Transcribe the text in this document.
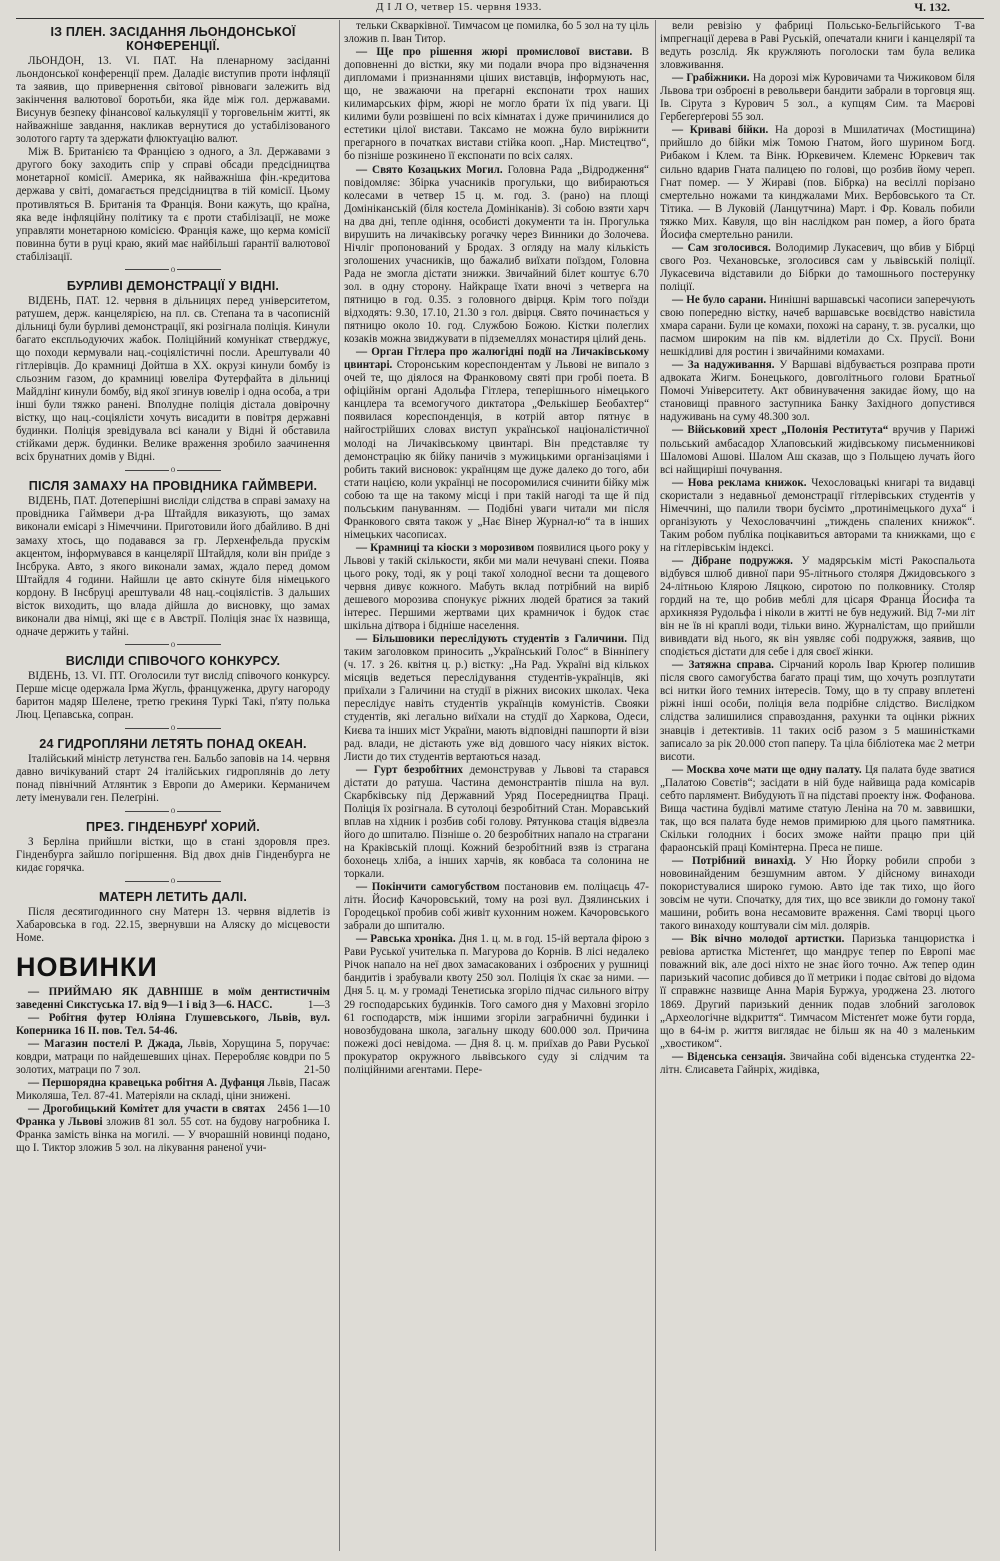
Д І Л О, четвер 15. червня 1933.	Ч. 132.
ІЗ ПЛЕН. ЗАСІДАННЯ ЛЬОНДОНСЬКОЇ КОНФЕРЕНЦІЇ.

ЛЬОНДОН, 13. VI. ПАТ. На пленарному засіданні льондонської конференції прем. Даладіє виступив проти інфляції та заявив, що привернення світової рівноваги залежить від закінчення валютової боротьби, яка йде між гол. державами. Висунув безпеку фінансової калькуляції у торговельнім житті, як найважніше завдання, накликав вернутися до устабілізованого золотого гарту та здержати флюктуацію валют.

Між В. Британією та Францією з одного, а Зл. Державами з другого боку заходить спір у справі обсади предсідництва монетарної комісії. Америка, як найважніша фін.-кредитова держава у світі, домагається предсідництва в тій комісії. Цьому противляться В. Британія та Франція. Вони кажуть, що країна, яка веде інфляційну політику та є проти стабілізації, не може управляти монетарною комісією. Франція каже, що керма комісії повинна бути в руці краю, який має найбільші ґарантії валютової стабілізації.

o
БУРЛИВІ ДЕМОНСТРАЦІЇ У ВІДНІ.

ВІДЕНЬ, ПАТ. 12. червня в дільницях перед університетом, ратушем, держ. канцелярією, на пл. св. Степана та в часописній дільниці були бурливі демонстрації, які розігнала поліція. Кинули багато експльодуючих жабок. Поліційний комунікат стверджує, що походи кермували нац.-соціялістичні посли. Арештували 40 гітлерівців. До крамниці Дойтша в XX. окрузі кинули бомбу із сльозним газом, до крамниці ювеліра Футерфайта в дільниці Майдлінґ кинули бомбу, від якої згинув ювелір і одна особа, а три інші були тяжко ранені. Вполудне поліція дістала довірочну вістку, що нац.-соціялісти хочуть висадити в повітря державні будинки. Поліція зревідувала всі канали у Відні й обставила стійками держ. будинки. Велике враження зробило заачинення всіх брунатних домів у Відні.

o
ПІСЛЯ ЗАМАХУ НА ПРОВІДНИКА ГАЙМВЕРИ.

ВІДЕНЬ, ПАТ. Дотеперішні висліди слідства в справі замаху на провідника Гаймвери д-ра Штайдля виказують, що замах виконали емісарі з Німеччини. Приготовили його дбайливо. В дні замаху хтось, що подавався за гр. Лерхенфельда прускім акцентом, інформувався в канцелярії Штайдля, коли він приїде з Інсбрука. Авто, з якого виконали замах, ждало перед домом Штайдля 4 години. Найшли це авто скінуте біля німецького кордону. В Інсбруці арештували 48 нац.-соціялістів. З дальших вісток виходить, що влада дійшла до висновку, що замах виконали два німці, які ще є в Австрії. Поліція знає їх назвища, одначе держить у тайні.

o
ВИСЛІДИ СПІВОЧОГО КОНКУРСУ.

ВІДЕНЬ, 13. VI. ПТ. Оголосили тут вислід співочого конкурсу. Перше місце одержала Ірма Жугль, француженка, другу нагороду баритон мадяр Шелене, третю грекиня Туркі Такі, п'яту полька Люц. Цепавська, сопран.

o
24 ГИДРОПЛЯНИ ЛЕТЯТЬ ПОНАД ОКЕАН.

Італійський міністр летунства ген. Бальбо заповів на 14. червня давно вичікуваний старт 24 італійських гидроплянів до лету понад північний Атлянтик з Европи до Америки. Керманичем лету іменували ген. Пелеґріні.

o
ПРЕЗ. ГІНДЕНБУРҐ ХОРИЙ.

З Берліна прийшли вістки, що в стані здоровля през. Гінденбурга зайшло погіршення. Від двох днів Гінденбурга не кидає горячка.

o
МАТЕРН ЛЕТИТЬ ДАЛІ.

Після десятигодинного сну Матерн 13. червня відлетів із Хабаровська в год. 22.15, звернувши на Аляску до місцевости Номе.

НОВИНКИ

— ПРИЙМАЮ ЯК ДАВНІШЕ в моїм дентистичнім заведенні Сикстуська 17. від 9—1 і від 3—6. НАСС.	1—3

— Робітня футер Юліяна Глушевського, Львів, вул. Коперника 16 II. пов. Тел. 54-46.

— Магазин постелі Р. Джада, Львів, Хорущина 5, поручає: ковдри, матраци по найдешевших цінах. Переробляє ковдри по 5 золотих, матраци по 7 зол.	21-50

— Першорядна кравецька робітня А. Дуфанця Львів, Пасаж Миколяша, Тел. 87-41. Матеріяли на складі, ціни знижені.
2456 1—10

— Дрогобицький Комітет для участи в святах Франка у Львові зложив 81 зол. 55 сот. на будову нагробника І. Франка замість вінка на могилі. — У вчорашній новинці подано, що І. Тиктор зложив 5 зол. на лікування раненої учи-

тельки Скварківної. Тимчасом це помилка, бо 5 зол на ту ціль зложив п. Іван Титор.

— Ще про рішення жюрі промислової вистави. В доповненні до вістки, яку ми подали вчора про відзначення дипломами і признаннями ціших виставців, інформують нас, що, не зважаючи на прегарні експонати трох наших килимарських фірм, жюрі не могло брати їх під уваги. Ці килими були розвішені по всіх кімнатах і дуже причинилися до естетики цілої вистави. Таксамо не можна було виріжнити прегарного в початках вистави стійка кооп. „Нар. Мистецтво“, бо пізніше розкинено її експонати по всіх салях.

— Свято Козацьких Могил. Головна Рада „Відродження“ повідомляє: Збірка учасників прогульки, що вибираються колесами в четвер 15 ц. м. год. 3. (рано) на площі Домініканській (біля костела Домініканів). Зі собою взяти харч на два дні, тепле одіння, особисті документи та ін. Прогулька вирушить на личаківську рогачку через Винники до Золочева. Нічліг пропонований у Бродах. З огляду на малу кількість зголошених учасників, що бажалиб виїхати поїздом, Головна Рада не змогла дістати знижки. Звичайний білет коштує 6.70 зол. в одну сторону. Найкраще їхати вночі з четверга на пятницю в год. 0.35. з головного двірця. Крім того поїзди відходять: 9.30, 17.10, 21.30 з гол. двірця. Свято починається у пятницю около 10. год. Службою Божою. Кістки полеглих козаків можна звиджувати в підземеллях монастиря цілий день.

— Орган Гітлера про жалюгідні події на Личаківському цвинтарі. Сторонським кореспондентам у Львові не випало з очей те, що діялося на Франковому святі при гробі поета. В офіційнім органі Адольфа Гітлера, теперішнього німецького канцлера та всемогучого диктатора „Фелькішер Беобахтер“ появилася кореспонденція, в котрій автор пятнує в найгострійших словах виступ української націоналістичної молоді на Личаківському цвинтарі. Він представляє ту демонстрацію як бійку паничів з мужицькими організаціями і робить такий висновок: українцям ще дуже далеко до того, аби стати нацією, коли українці не посоромилися счинити бійку між собою та ще на такому місці і при такій нагоді та ще й під польським пануванням. — Подібні уваги читали ми після Франкового свята також у „Нає Вінер Журнал-ю“ та в інших німецьких часописах.

— Крамниці та кіоски з морозивом появилися цього року у Львові у такій скількости, якби ми мали нечувані спеки. Поява цього року, тоді, як у році такої холодної весни та дощевого червня дивує кожного. Мабуть вклад потрібний на виріб дешевого морозива спонукує ріжних людей братися за такий інтерес. Першими жертвами цих крамничок і будок стає шкільна дітвора і бідніше населення.

— Більшовики переслідують студентів з Галичини. Під таким заголовком приносить „Український Голос“ в Вінніпегу (ч. 17. з 26. квітня ц. р.) вістку: „На Рад. Україні від кількох місяців ведеться переслідування студентів-українців, які приїхали з Галичини на студії в ріжних високих школах. Чека переслідує навіть студентів українців комуністів. Свояки студентів, які легально виїхали на студії до Харкова, Одеси, Києва та інших міст України, мають відповідні пашпорти й візи рад. влади, не дістають уже від довшого часу ніяких вісток. Листи до тих студентів вертаються назад.

— Гурт безробітних демонстрував у Львові та старався дістати до ратуша. Частина демонстрантів пішла на вул. Скарбківську під Державний Уряд Посередництва Праці. Поліція їх розігнала. В сутолоці безробітний Стан. Моравський вплав на хідник і розбив собі голову. Рятункова стація відвезла його до шпиталю. Пізніше о. 20 безробітних напало на страгани на Краківській площі. Кожний безробітний взяв із страгана бохонець хліба, а інших харчів, як ковбаса та солонина не торкали.

— Покінчити самогубством постановив ем. поліцаєць 47-літн. Йосиф Качоровський, тому на розі вул. Дзялинських і Городецької пробив собі живіт кухонним ножем. Качоровського забрали до шпиталю.

— Равська хроніка. Дня 1. ц. м. в год. 15-ій вертала фірою з Рави Руської учителька п. Магурова до Корнів. В лісі недалеко Річок напало на неї двох замасакованих і озброєних у рушниці бандитів і зрабували квоту 250 зол. Поліція їх скає за ними. — Дня 5. ц. м. у громаді Тенетиська згоріло підчас сильного вітру 29 господарських будинків. Того самого дня у Маховні згоріло 61 господарств, між іншими згоріли заграбничні будинки і новозбудована школа, загальну шкоду 600.000 зол. Причина пожежі досі невідома. — Дня 8. ц. м. приїхав до Рави Руської прокуратор окружного львівського суду зі слідчим та поліційними агентами. Пере-

вели ревізію у фабриці Польсько-Бельгійського Т-ва імпрегнації дерева в Раві Руській, опечатали книги і канцелярії та ведуть розслід. Як кружляють поголоски там була велика зловживання.

— Грабіжники. На дорозі між Куровичами та Чижиковом біля Львова три озброєні в револьвери бандити забрали в торговця ящ. Ів. Сірута з Курович 5 зол., а купцям Сим. та Маєрові Гербеґерґерові 55 зол.

— Криваві бійки. На дорозі в Мшилатичах (Мостищина) прийшло до бійки між Томою Гнатом, його шурином Богд. Рибаком і Клем. та Вінк. Юркевичем. Клеменс Юркевич так сильно вдарив Гната палицею по голові, що розбив йому череп. Гнат помер. — У Жираві (пов. Бібрка) на весіллі порізано смертельно ножами та кинджалами Мих. Вербовського та Ст. Тітика. — В Луковій (Ланцутчина) Март. і Фр. Коваль побили тяжко Мих. Кавуля, що він наслідком ран помер, а його брата Йосифа смертельно ранили.

— Сам зголосився. Володимир Лукасевич, що вбив у Бібрці свого Роз. Чехановське, зголосився сам у львівській поліції. Лукасевича відставили до Бібрки до тамошнього постерунку поліції.

— Не було сарани. Нинішні варшавські часописи заперечують свою попередню вістку, начеб варшавське воєвідство навістила хмара сарани. Були це комахи, похожі на сарану, т. зв. русалки, що пасмом широким на пів км. відлетіли до Сх. Прусії. Вони нешкідливі для ростин і звичайними комахами.

— За надуживання. У Варшаві відбувається розправа проти адвоката Жигм. Бонецького, довголітнього голови Братньої Помочі Університету. Акт обвинувачення закидає йому, що на становищі правного заступника Банку Західного допустився надуживань на суму 48.300 зол.

— Військовий хрест „Полонія Реститута“ вручив у Парижі польський амбасадор Хлаповський жидівському письменникові Шаломові Ашові. Шалом Аш сказав, що з Польщею лучать його всі найщиріші почування.

— Нова реклама книжок. Чехословацькі книгарі та видавці скористали з недавньої демонстрації гітлерівських студентів у Німеччині, що палили твори бусімто „протинімецького духа“ і організують у Чехословаччині „тиждень спалених книжок“. Таким робом публіка поцікавиться авторами та книжками, що є на гітлерівськім індексі.

— Дібране подружжя. У мадярськім місті Ракоспальота відбувся шлюб дивної пари 95-літнього столяря Джидовського з 24-літньою Клярою Ляцкою, сиротою по полковнику. Столяр гордий на те, що робив меблі для цісаря Франца Йосифа та архикнязя Рудольфа і ніколи в житті не був недужий. Від 7-ми літ він не їв ні краплі води, тільки вино. Журналістам, що прийшли вививдати від нього, як він уявляє собі подружжя, заявив, що сподіється дістати для себе і для своєї жінки.

— Затяжна справа. Сірчаний король Івар Крюґер полишив після свого самогубства багато праці тим, що хочуть розплутати всі нитки його темних інтересів. Тому, що в ту справу вплетені ріжні інші особи, поліція вела подрібне слідство. Вислідком слідства залишилися справоздання, рахунки та оцінки ріжних знавців і детективів. 11 таких осіб разом з 5 машиністками записало за рік 20.000 стоп паперу. Та ціла бібліотека має 2 метри висоти.

— Москва хоче мати ще одну палату. Ця палата буде зватися „Палатою Совєтів“; засідати в ній буде найвища рада комісарів себто парлямент. Вибудують її на підставі проекту інж. Фофанова. Вища частина будівлі матиме статую Леніна на 70 м. заввишки, так, що вся палата буде немов примирюю для цього памятника. Скільки голодних і босих зможе найти працю при цій фараонській праці Комінтерна. Преса не пише.

— Потрібний винахід. У Ню Йорку робили спроби з нововинайденим безшумним автом. У дійсному винаходи покористувалися широко гумою. Авто іде так тихо, що його зовсім не чути. Спочатку, для тих, що все звикли до гомону такої машини, робить вона несамовите враження. Самі творці цього такого винаходу коштували сім міл. долярів.

— Вік вічно молодої артистки. Паризька танцюристка і ревіова артистка Містенґет, що мандрує тепер по Европі має поважний вік, але досі ніхто не знає його точно. Аж тепер один паризький часопис добився до її метрики і подає світові до відома її справжнє назвище Анна Марія Буржуа, уроджена 23. лютого 1869. Другий паризький денник подав злобний заголовок „Археологічне відкриття“. Тимчасом Містенґет може бути горда, що в 64-ім р. життя виглядає не більш як на 40 з маленьким „хвостиком“.

— Віденська сензація. Звичайна собі віденська студентка 22-літн. Єлисавета Гайнріх, жидівка,
